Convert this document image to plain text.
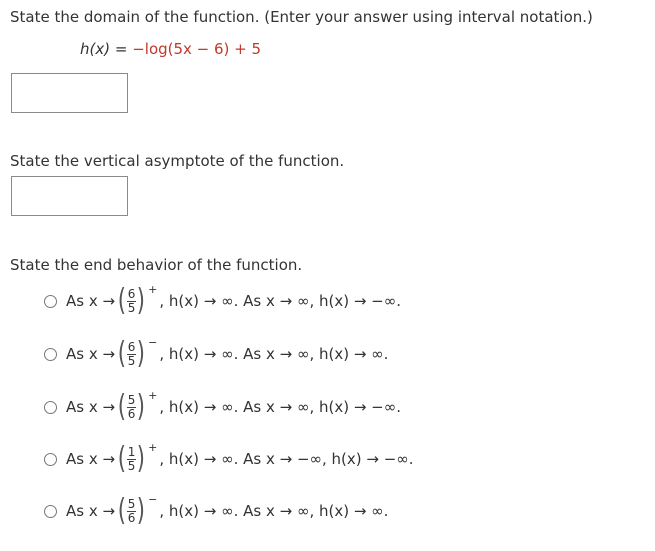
State the domain of the function. (Enter your answer using interval notation.)
h(x) = −log(5x − 6) + 5
State the vertical asymptote of the function.
State the end behavior of the function.
As x → ( $\frac{6}{5}$ ) +
, h(x) → ∞. As x → ∞, h(x) → −∞.
As x → ( $\frac{6}{5}$ ) −
, h(x) → ∞. As x → ∞, h(x) → ∞.
As x → ( $\frac{5}{6}$ ) +
, h(x) → ∞. As x → ∞, h(x) → −∞.
As x → ( $\frac{1}{5}$ ) +
, h(x) → ∞. As x → −∞, h(x) → −∞.
As x → ( $\frac{5}{6}$ ) −
, h(x) → ∞. As x → ∞, h(x) → ∞.
